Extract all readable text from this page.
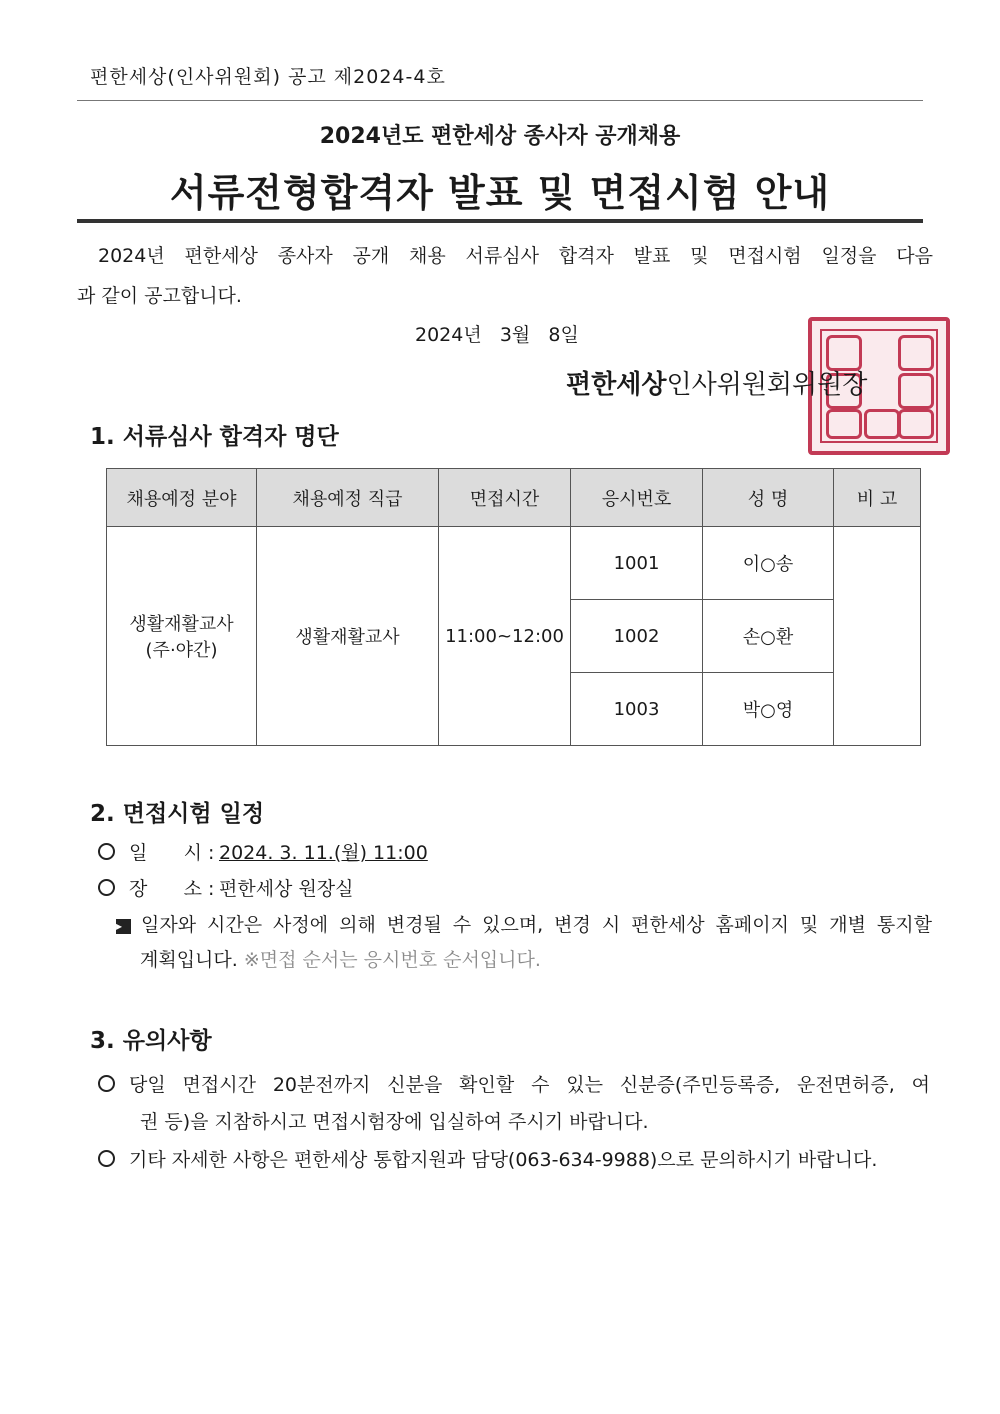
편한세상(인사위원회) 공고 제2024-4호
2024년도 편한세상 종사자 공개채용
서류전형합격자 발표 및 면접시험 안내
2024년 편한세상 종사자 공개 채용 서류심사 합격자 발표 및 면접시험 일정을 다음
과 같이 공고합니다.
2024년   3월   8일
편한세상인사위원회위원장
1. 서류심사 합격자 명단
채용예정 분야	채용예정 직급	면접시간	응시번호	성 명	비 고

생활재활교사
(주·야간)	생활재활교사	11:00~12:00	1001	이○송	
			1002	손○환	
			1003	박○영	
2. 면접시험 일정
일      시 : 2024. 3. 11.(월) 11:00
장      소 : 편한세상 원장실
▸ 일자와 시간은 사정에 의해 변경될 수 있으며, 변경 시 편한세상 홈페이지 및 개별 통지할
계획입니다. ※면접 순서는 응시번호 순서입니다.
3. 유의사항
당일 면접시간 20분전까지 신분을 확인할 수 있는 신분증(주민등록증, 운전면허증, 여
권 등)을 지참하시고 면접시험장에 입실하여 주시기 바랍니다.
기타 자세한 사항은 편한세상 통합지원과 담당(063-634-9988)으로 문의하시기 바랍니다.
